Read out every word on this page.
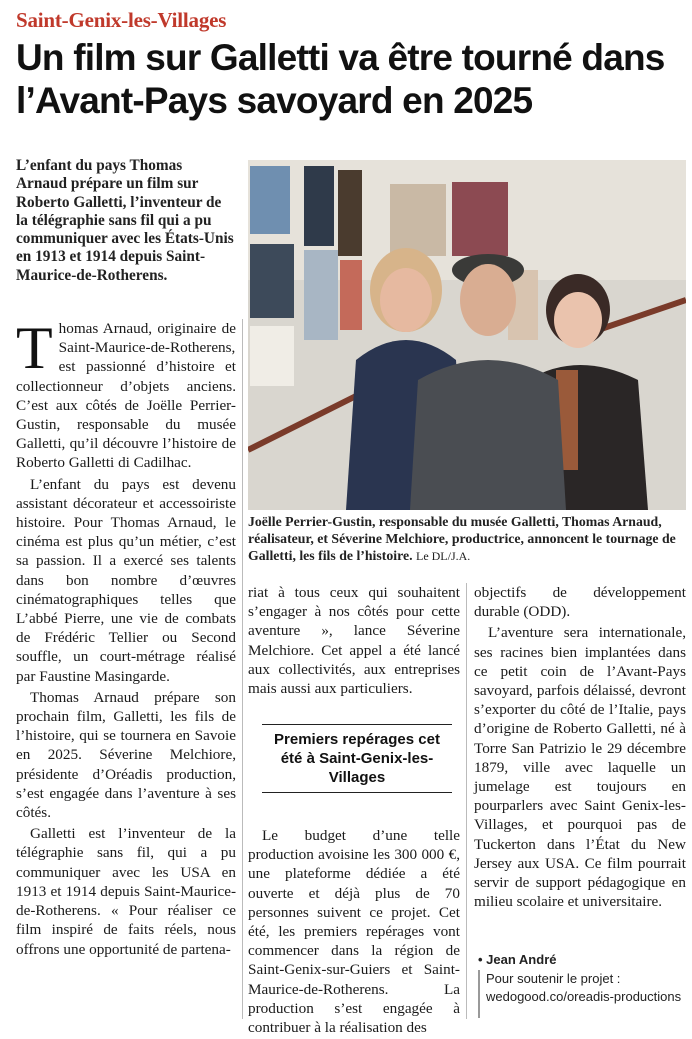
Saint-Genix-les-Villages
Un film sur Galletti va être tourné dans l’Avant-Pays savoyard en 2025
L’enfant du pays Thomas Arnaud prépare un film sur Roberto Galletti, l’inventeur de la télégraphie sans fil qui a pu communiquer avec les États-Unis en 1913 et 1914 depuis Saint-Maurice-de-Rotherens.
Joëlle Perrier-Gustin, responsable du musée Galletti, Thomas Arnaud, réalisateur, et Séverine Melchiore, productrice, annoncent le tournage de Galletti, les fils de l’histoire. Le DL/J.A.

Thomas Arnaud, originaire de Saint-Maurice-de-Rotherens, est passionné d’histoire et collectionneur d’objets anciens. C’est aux côtés de Joëlle Perrier-Gustin, responsable du musée Galletti, qu’il découvre l’histoire de Roberto Galletti di Cadilhac.

L’enfant du pays est devenu assistant décorateur et accessoiriste histoire. Pour Thomas Arnaud, le cinéma est plus qu’un métier, c’est sa passion. Il a exercé ses talents dans bon nombre d’œuvres cinématographiques telles que L’abbé Pierre, une vie de combats de Frédéric Tellier ou Second souffle, un court-métrage réalisé par Faustine Masingarde.

Thomas Arnaud prépare son prochain film, Galletti, les fils de l’histoire, qui se tournera en Savoie en 2025. Séverine Melchiore, présidente d’Oréadis production, s’est engagée dans l’aventure à ses côtés.

Galletti est l’inventeur de la télégraphie sans fil, qui a pu communiquer avec les USA en 1913 et 1914 depuis Saint-Maurice-de-Rotherens. « Pour réaliser ce film inspiré de faits réels, nous offrons une opportunité de partena-

riat à tous ceux qui souhaitent s’engager à nos côtés pour cette aventure », lance Séverine Melchiore. Cet appel a été lancé aux collectivités, aux entreprises mais aussi aux particuliers.

Premiers repérages cet été à Saint-Genix-les-Villages

Le budget d’une telle production avoisine les 300 000 €, une plateforme dédiée a été ouverte et déjà plus de 70 personnes suivent ce projet. Cet été, les premiers repérages vont commencer dans la région de Saint-Genix-sur-Guiers et Saint-Maurice-de-Rotherens. La production s’est engagée à contribuer à la réalisation des

objectifs de développement durable (ODD).

L’aventure sera internationale, ses racines bien implantées dans ce petit coin de l’Avant-Pays savoyard, parfois délaissé, devront s’exporter du côté de l’Italie, pays d’origine de Roberto Galletti, né à Torre San Patrizio le 29 décembre 1879, ville avec laquelle un jumelage est toujours en pourparlers avec Saint Genix-les-Villages, et pourquoi pas de Tuckerton dans l’État du New Jersey aux USA. Ce film pourrait servir de support pédagogique en milieu scolaire et universitaire.

• Jean André
Pour soutenir le projet :
wedogood.co/oreadis-productions
